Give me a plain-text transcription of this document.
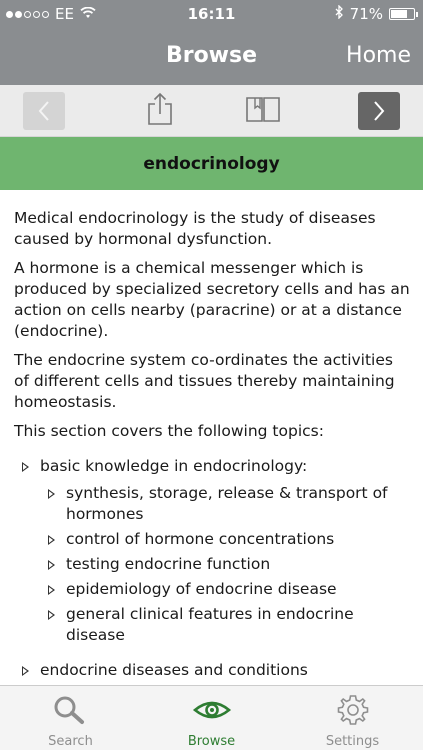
EE	16:11	71%
Browse	Home
endocrinology

Medical endocrinology is the study of diseases caused by hormonal dysfunction.

A hormone is a chemical messenger which is produced by specialized secretory cells and has an action on cells nearby (paracrine) or at a distance (endocrine).

The endocrine system co-ordinates the activities of different cells and tissues thereby maintaining homeostasis.

This section covers the following topics:

basic knowledge in endocrinology:
synthesis, storage, release & transport of hormones
control of hormone concentrations
testing endocrine function
epidemiology of endocrine disease
general clinical features in endocrine disease
endocrine diseases and conditions
Search	Browse	Settings
